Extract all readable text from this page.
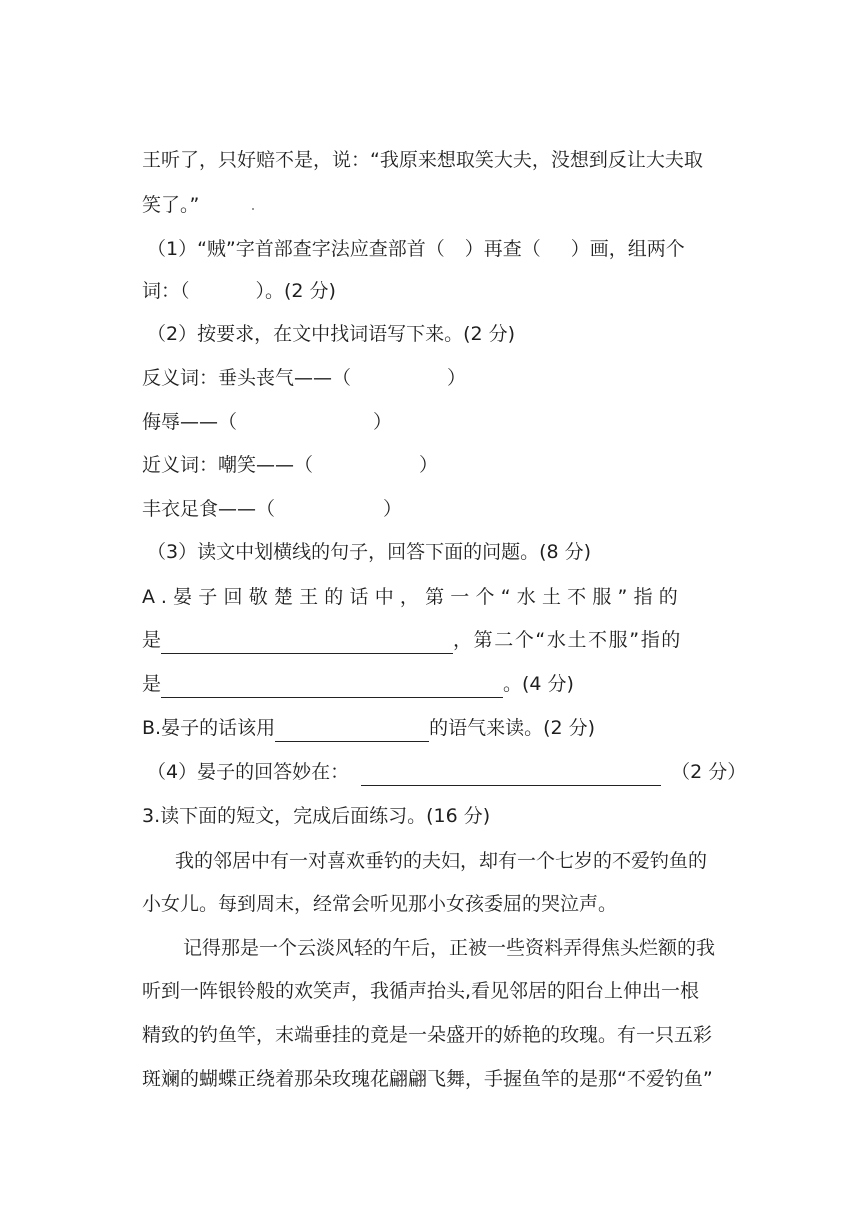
王听了，只好赔不是，说：“我原来想取笑大夫，没想到反让大夫取
笑了。”
（1）“贼”字首部查字法应查部首（ ）再查（ ）画，组两个
词：（	）。(2 分)
（2）按要求，在文中找词语写下来。(2 分)
反义词：垂头丧气——（	）
侮辱——（	）
近义词：嘲笑——（	）
丰衣足食——（	）
（3）读文中划横线的句子，回答下面的问题。(8 分)
A.晏子回敬楚王的话中，第一个“水土不服”指的
是	，第二个“水土不服”指的
是	。(4 分)
B.晏子的话该用	的语气来读。(2 分)
（4）晏子的回答妙在：	（2 分）
3.读下面的短文，完成后面练习。(16 分)
我的邻居中有一对喜欢垂钓的夫妇，却有一个七岁的不爱钓鱼的
小女儿。每到周末，经常会听见那小女孩委屈的哭泣声。
记得那是一个云淡风轻的午后，正被一些资料弄得焦头烂额的我
听到一阵银铃般的欢笑声，我循声抬头,看见邻居的阳台上伸出一根
精致的钓鱼竿，末端垂挂的竟是一朵盛开的娇艳的玫瑰。有一只五彩
斑斓的蝴蝶正绕着那朵玫瑰花翩翩飞舞，手握鱼竿的是那“不爱钓鱼”
